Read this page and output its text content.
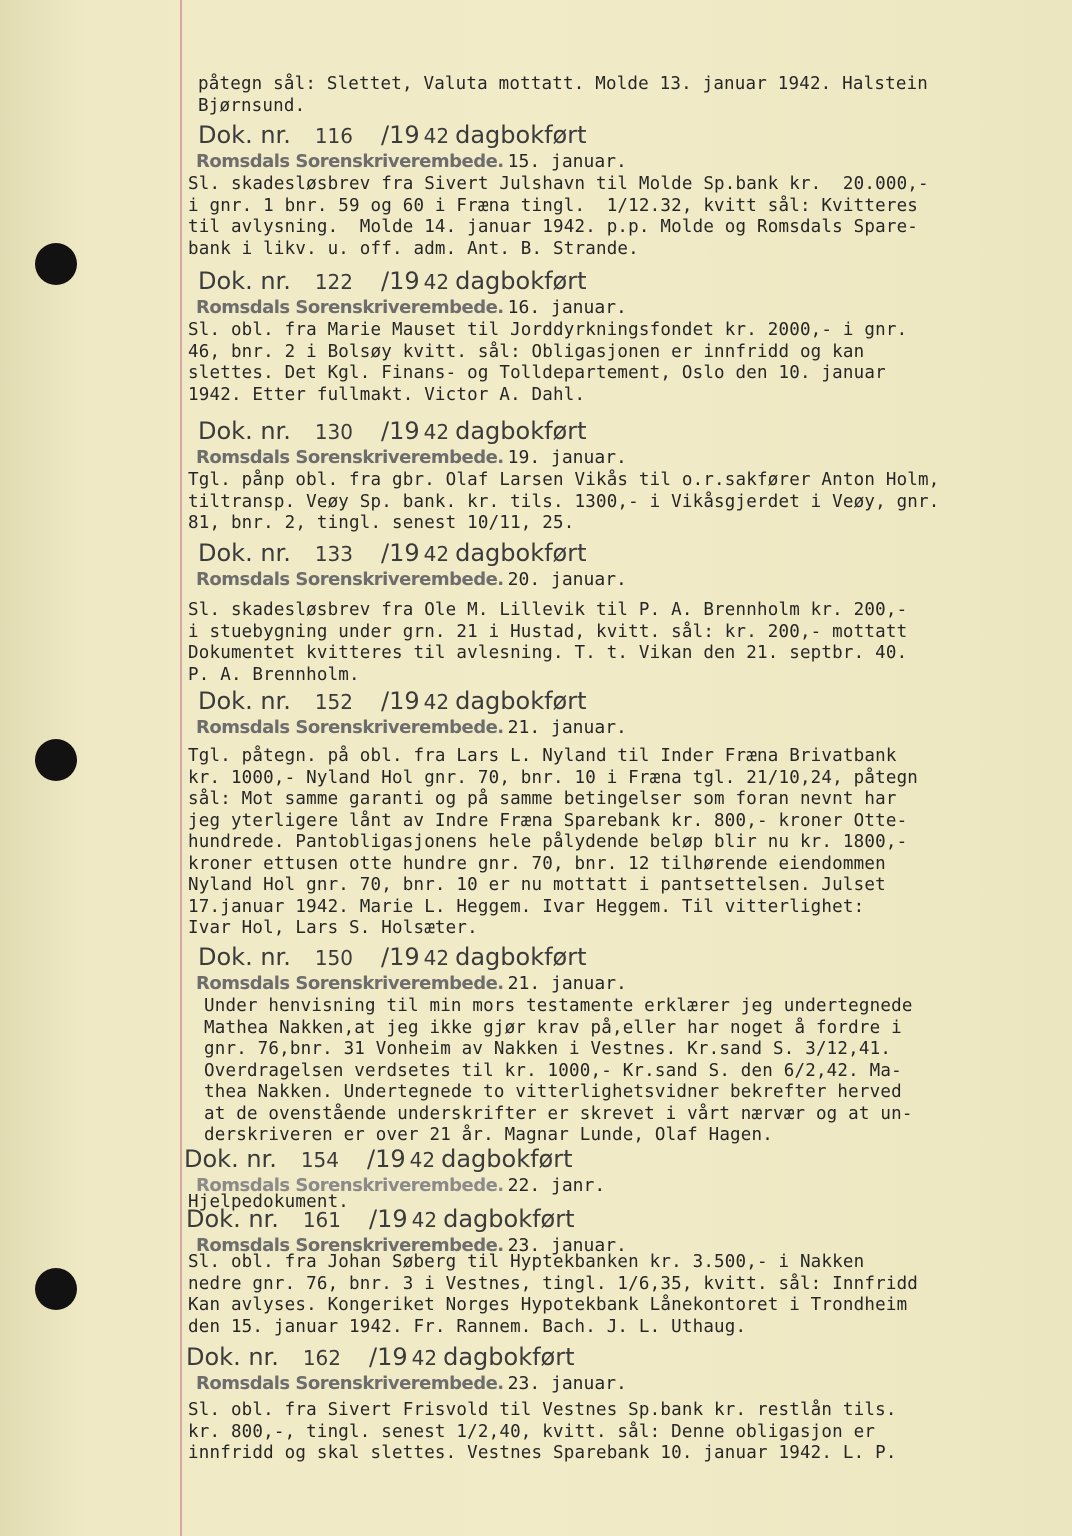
påtegn sål: Slettet, Valuta mottatt. Molde 13. januar 1942. Halstein
Bjørnsund.
Dok. nr. 116 /19 42 dagbokført
Romsdals Sorenskriverembede. 15. januar.
Sl. skadesløsbrev fra Sivert Julshavn til Molde Sp.bank kr.  20.000,-
i gnr. 1 bnr. 59 og 60 i Fræna tingl.  1/12.32, kvitt sål: Kvitteres
til avlysning.  Molde 14. januar 1942. p.p. Molde og Romsdals Spare-
bank i likv. u. off. adm. Ant. B. Strande.
Dok. nr. 122 /19 42 dagbokført
Romsdals Sorenskriverembede. 16. januar.
Sl. obl. fra Marie Mauset til Jorddyrkningsfondet kr. 2000,- i gnr.
46, bnr. 2 i Bolsøy kvitt. sål: Obligasjonen er innfridd og kan
slettes. Det Kgl. Finans- og Tolldepartement, Oslo den 10. januar
1942. Etter fullmakt. Victor A. Dahl.
Dok. nr. 130 /19 42 dagbokført
Romsdals Sorenskriverembede. 19. januar.
Tgl. pånp obl. fra gbr. Olaf Larsen Vikås til o.r.sakfører Anton Holm,
tiltransp. Veøy Sp. bank. kr. tils. 1300,- i Vikåsgjerdet i Veøy, gnr.
81, bnr. 2, tingl. senest 10/11, 25.
Dok. nr. 133 /19 42 dagbokført
Romsdals Sorenskriverembede. 20. januar.
Sl. skadesløsbrev fra Ole M. Lillevik til P. A. Brennholm kr. 200,-
i stuebygning under grn. 21 i Hustad, kvitt. sål: kr. 200,- mottatt
Dokumentet kvitteres til avlesning. T. t. Vikan den 21. septbr. 40.
P. A. Brennholm.
Dok. nr. 152 /19 42 dagbokført
Romsdals Sorenskriverembede. 21. januar.
Tgl. påtegn. på obl. fra Lars L. Nyland til Inder Fræna Brivatbank
kr. 1000,- Nyland Hol gnr. 70, bnr. 10 i Fræna tgl. 21/10,24, påtegn
sål: Mot samme garanti og på samme betingelser som foran nevnt har
jeg yterligere lånt av Indre Fræna Sparebank kr. 800,- kroner Otte-
hundrede. Pantobligasjonens hele pålydende beløp blir nu kr. 1800,-
kroner ettusen otte hundre gnr. 70, bnr. 12 tilhørende eiendommen
Nyland Hol gnr. 70, bnr. 10 er nu mottatt i pantsettelsen. Julset
17.januar 1942. Marie L. Heggem. Ivar Heggem. Til vitterlighet:
Ivar Hol, Lars S. Holsæter.
Dok. nr. 150 /19 42 dagbokført
Romsdals Sorenskriverembede. 21. januar.
Under henvisning til min mors testamente erklærer jeg undertegnede
Mathea Nakken,at jeg ikke gjør krav på,eller har noget å fordre i
gnr. 76,bnr. 31 Vonheim av Nakken i Vestnes. Kr.sand S. 3/12,41.
Overdragelsen verdsetes til kr. 1000,- Kr.sand S. den 6/2,42. Ma-
thea Nakken. Undertegnede to vitterlighetsvidner bekrefter herved
at de ovenstående underskrifter er skrevet i vårt nærvær og at un-
derskriveren er over 21 år. Magnar Lunde, Olaf Hagen.
Dok. nr. 154 /19 42 dagbokført
Romsdals Sorenskriverembede. 22. janr.
Hjelpedokument.
Dok. nr. 161 /19 42 dagbokført
Romsdals Sorenskriverembede. 23. januar.
Sl. obl. fra Johan Søberg til Hyptekbanken kr. 3.500,- i Nakken
nedre gnr. 76, bnr. 3 i Vestnes, tingl. 1/6,35, kvitt. sål: Innfridd
Kan avlyses. Kongeriket Norges Hypotekbank Lånekontoret i Trondheim
den 15. januar 1942. Fr. Rannem. Bach. J. L. Uthaug.
Dok. nr. 162 /19 42 dagbokført
Romsdals Sorenskriverembede. 23. januar.
Sl. obl. fra Sivert Frisvold til Vestnes Sp.bank kr. restlån tils.
kr. 800,-, tingl. senest 1/2,40, kvitt. sål: Denne obligasjon er
innfridd og skal slettes. Vestnes Sparebank 10. januar 1942. L. P.
